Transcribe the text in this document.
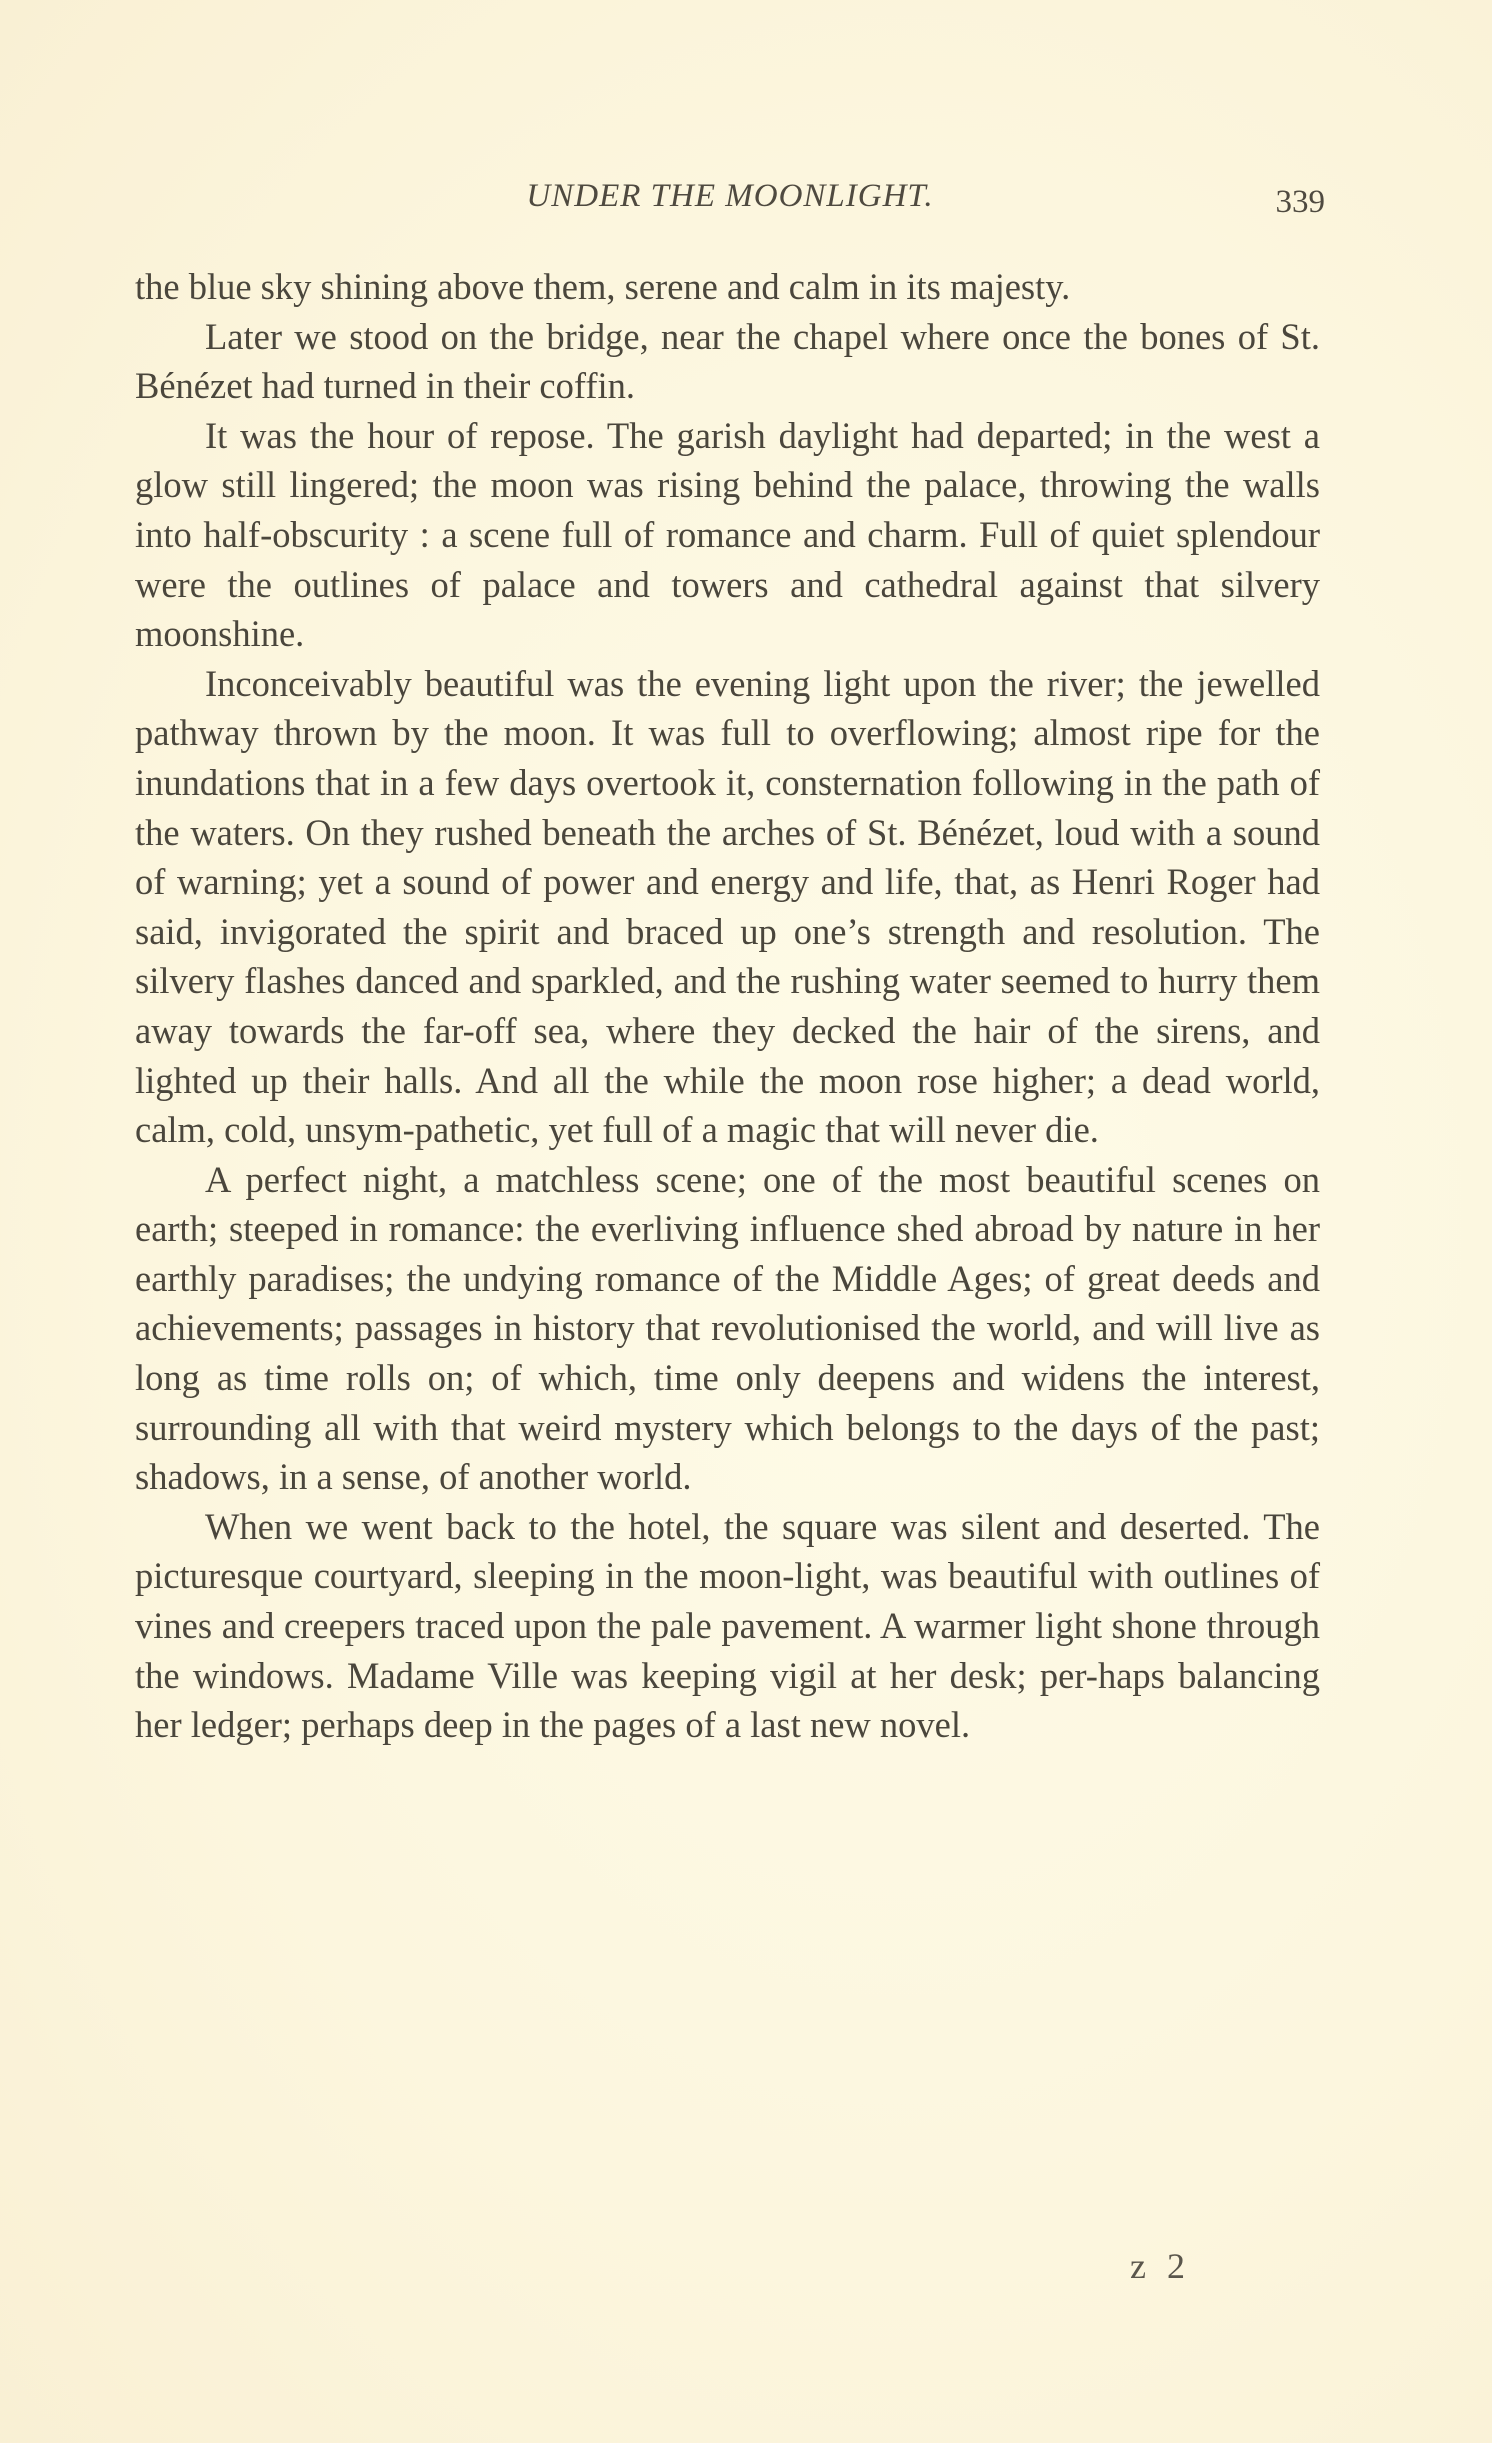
UNDER THE MOONLIGHT.	339

the blue sky shining above them, serene and calm in its majesty.

Later we stood on the bridge, near the chapel where once the bones of St. Bénézet had turned in their coffin.

It was the hour of repose. The garish daylight had departed; in the west a glow still lingered; the moon was rising behind the palace, throwing the walls into half-obscurity : a scene full of romance and charm. Full of quiet splendour were the outlines of palace and towers and cathedral against that silvery moonshine.

Inconceivably beautiful was the evening light upon the river; the jewelled pathway thrown by the moon. It was full to overflowing; almost ripe for the inundations that in a few days overtook it, consternation following in the path of the waters. On they rushed beneath the arches of St. Bénézet, loud with a sound of warning; yet a sound of power and energy and life, that, as Henri Roger had said, invigorated the spirit and braced up one’s strength and resolution. The silvery flashes danced and sparkled, and the rushing water seemed to hurry them away towards the far-off sea, where they decked the hair of the sirens, and lighted up their halls. And all the while the moon rose higher; a dead world, calm, cold, unsym-pathetic, yet full of a magic that will never die.

A perfect night, a matchless scene; one of the most beautiful scenes on earth; steeped in romance: the everliving influence shed abroad by nature in her earthly paradises; the undying romance of the Middle Ages; of great deeds and achievements; passages in history that revolutionised the world, and will live as long as time rolls on; of which, time only deepens and widens the interest, surrounding all with that weird mystery which belongs to the days of the past; shadows, in a sense, of another world.

When we went back to the hotel, the square was silent and deserted. The picturesque courtyard, sleeping in the moon-light, was beautiful with outlines of vines and creepers traced upon the pale pavement. A warmer light shone through the windows. Madame Ville was keeping vigil at her desk; per-haps balancing her ledger; perhaps deep in the pages of a last new novel.

z 2
